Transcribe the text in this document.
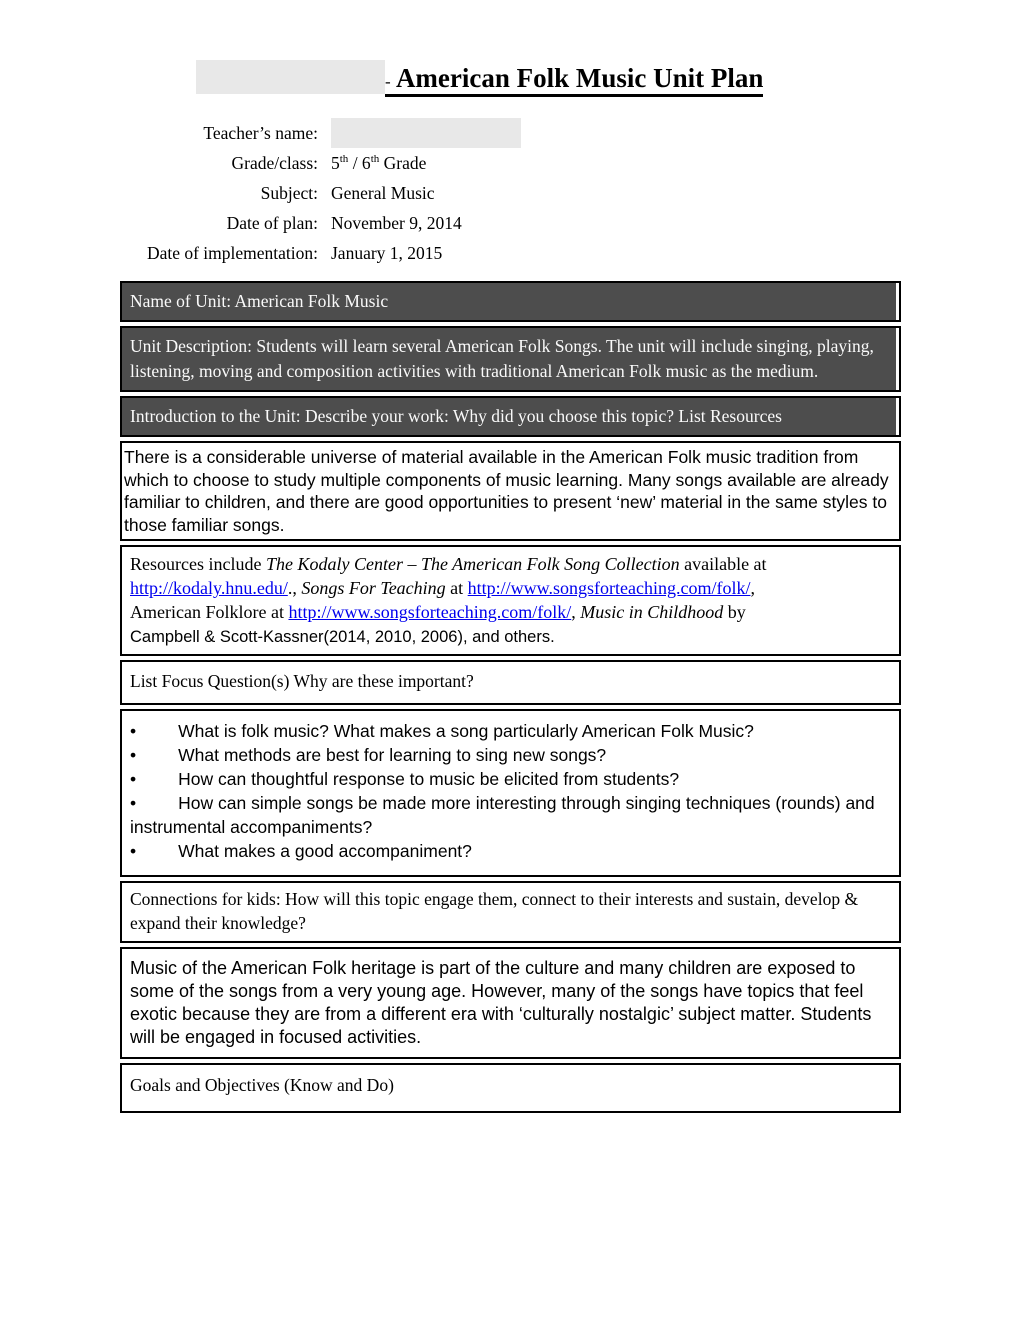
- American Folk Music Unit Plan
Teacher’s name:
Grade/class: 5th / 6th Grade
Subject: General Music
Date of plan: November 9, 2014
Date of implementation: January 1, 2015
Name of Unit: American Folk Music
Unit Description: Students will learn several American Folk Songs. The unit will include singing, playing, listening, moving and composition activities with traditional American Folk music as the medium.
Introduction to the Unit: Describe your work: Why did you choose this topic? List Resources
There is a considerable universe of material available in the American Folk music tradition from which to choose to study multiple components of music learning. Many songs available are already familiar to children, and there are good opportunities to present ‘new’ material in the same styles to those familiar songs.
Resources include The Kodaly Center – The American Folk Song Collection available at http://kodaly.hnu.edu/., Songs For Teaching at http://www.songsforteaching.com/folk/,
American Folklore at http://www.songsforteaching.com/folk/, Music in Childhood by
Campbell & Scott-Kassner(2014, 2010, 2006), and others.
List Focus Question(s) Why are these important?
• What is folk music? What makes a song particularly American Folk Music?
• What methods are best for learning to sing new songs?
• How can thoughtful response to music be elicited from students?
• How can simple songs be made more interesting through singing techniques (rounds) and instrumental accompaniments?
• What makes a good accompaniment?
Connections for kids: How will this topic engage them, connect to their interests and sustain, develop & expand their knowledge?
Music of the American Folk heritage is part of the culture and many children are exposed to some of the songs from a very young age. However, many of the songs have topics that feel exotic because they are from a different era with ‘culturally nostalgic’ subject matter. Students will be engaged in focused activities.
Goals and Objectives (Know and Do)
